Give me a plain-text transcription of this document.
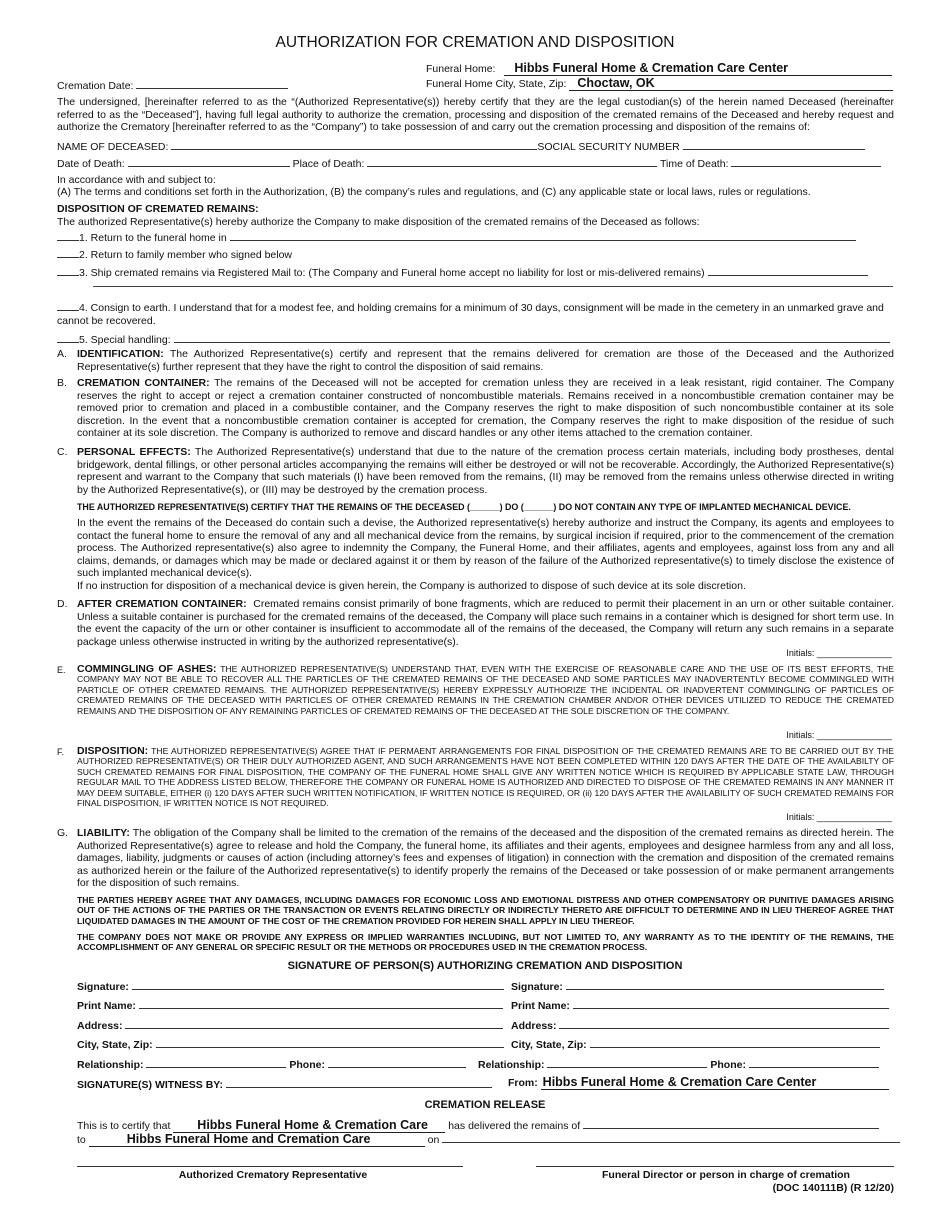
AUTHORIZATION FOR CREMATION AND DISPOSITION
Funeral Home: Hibbs Funeral Home & Cremation Care Center
Funeral Home City, State, Zip: Choctaw, OK
Cremation Date:
The undersigned, [hereinafter referred to as the “(Authorized Representative(s)) hereby certify that they are the legal custodian(s) of the herein named Deceased (hereinafter referred to as the “Deceased”], having full legal authority to authorize the cremation, processing and disposition of the cremated remains of the Deceased and hereby request and authorize the Crematory [hereinafter referred to as the “Company”) to take possession of and carry out the cremation processing and disposition of the remains of:
NAME OF DECEASED:	SOCIAL SECURITY NUMBER
Date of Death:	Place of Death:	Time of Death:
In accordance with and subject to:
(A) The terms and conditions set forth in the Authorization, (B) the company’s rules and regulations, and (C) any applicable state or local laws, rules or regulations.
DISPOSITION OF CREMATED REMAINS:
The authorized Representative(s) hereby authorize the Company to make disposition of the cremated remains of the Deceased as follows:
1. Return to the funeral home in
2. Return to family member who signed below
3. Ship cremated remains via Registered Mail to: (The Company and Funeral home accept no liability for lost or mis-delivered remains)
4. Consign to earth. I understand that for a modest fee, and holding cremains for a minimum of 30 days, consignment will be made in the cemetery in an unmarked grave and cannot be recovered.
5. Special handling:
A. IDENTIFICATION: The Authorized Representative(s) certify and represent that the remains delivered for cremation are those of the Deceased and the Authorized Representative(s) further represent that they have the right to control the disposition of said remains.
B. CREMATION CONTAINER: The remains of the Deceased will not be accepted for cremation unless they are received in a leak resistant, rigid container. The Company reserves the right to accept or reject a cremation container constructed of noncombustible materials. Remains received in a noncombustible cremation container may be removed prior to cremation and placed in a combustible container, and the Company reserves the right to make disposition of such noncombustible container at its sole discretion. In the event that a noncombustible cremation container is accepted for cremation, the Company reserves the right to make disposition of the residue of such container at its sole discretion. The Company is authorized to remove and discard handles or any other items attached to the cremation container.
C. PERSONAL EFFECTS: The Authorized Representative(s) understand that due to the nature of the cremation process certain materials, including body prostheses, dental bridgework, dental fillings, or other personal articles accompanying the remains will either be destroyed or will not be recoverable. Accordingly, the Authorized Representative(s) represent and warrant to the Company that such materials (I) have been removed from the remains, (II) may be removed from the remains unless otherwise directed in writing by the Authorized Representative(s), or (III) may be destroyed by the cremation process.
THE AUTHORIZED REPRESENTATIVE(S) CERTIFY THAT THE REMAINS OF THE DECEASED (______) DO (______) DO NOT CONTAIN ANY TYPE OF IMPLANTED MECHANICAL DEVICE.
In the event the remains of the Deceased do contain such a devise, the Authorized representative(s) hereby authorize and instruct the Company, its agents and employees to contact the funeral home to ensure the removal of any and all mechanical device from the remains, by surgical incision if required, prior to the commencement of the cremation process. The Authorized representative(s) also agree to indemnity the Company, the Funeral Home, and their affiliates, agents and employees, against loss from any and all claims, demands, or damages which may be made or declared against it or them by reason of the failure of the Authorized representative(s) to timely disclose the existence of such implanted mechanical device(s).
If no instruction for disposition of a mechanical device is given herein, the Company is authorized to dispose of such device at its sole discretion.
D. AFTER CREMATION CONTAINER: Cremated remains consist primarily of bone fragments, which are reduced to permit their placement in an urn or other suitable container. Unless a suitable container is purchased for the cremated remains of the deceased, the Company will place such remains in a container which is designed for short term use. In the event the capacity of the urn or other container is insufficient to accommodate all of the remains of the deceased, the Company will return any such remains in a separate package unless otherwise instructed in writing by the authorized representative(s).
Initials: _______________
E. COMMINGLING OF ASHES: THE AUTHORIZED REPRESENTATIVE(S) UNDERSTAND THAT, EVEN WITH THE EXERCISE OF REASONABLE CARE AND THE USE OF ITS BEST EFFORTS, THE COMPANY MAY NOT BE ABLE TO RECOVER ALL THE PARTICLES OF THE CREMATED REMAINS OF THE DECEASED AND SOME PARTICLES MAY INADVERTENTLY BECOME COMMINGLED WITH PARTICLE OF OTHER CREMATED REMAINS. THE AUTHORIZED REPRESENTATIVE(S) HEREBY EXPRESSLY AUTHORIZE THE INCIDENTAL OR INADVERTENT COMMINGLING OF PARTICLES OF CREMATED REMAINS OF THE DECEASED WITH PARTICLES OF OTHER CREMATED REMAINS IN THE CREMATION CHAMBER AND/OR OTHER DEVICES UTILIZED TO REDUCE THE CREMATED REMAINS AND THE DISPOSITION OF ANY REMAINING PARTICLES OF CREMATED REMAINS OF THE DECEASED AT THE SOLE DISCRETION OF THE COMPANY.
Initials: _______________
F. DISPOSITION: THE AUTHORIZED REPRESENTATIVE(S) AGREE THAT IF PERMAENT ARRANGEMENTS FOR FINAL DISPOSITION OF THE CREMATED REMAINS ARE TO BE CARRIED OUT BY THE AUTHORIZED REPRESENTATIVE(S) OR THEIR DULY AUTHORIZED AGENT, AND SUCH ARRANGEMENTS HAVE NOT BEEN COMPLETED WITHIN 120 DAYS AFTER THE DATE OF THE AVAILABILTY OF SUCH CREMATED REMAINS FOR FINAL DISPOSITION, THE COMPANY OF THE FUNERAL HOME SHALL GIVE ANY WRITTEN NOTICE WHICH IS REQUIRED BY APPLICABLE STATE LAW, THROUGH REGULAR MAIL TO THE ADDRESS LISTED BELOW, THEREFORE THE COMPANY OR FUNERAL HOME IS AUTHORIZED AND DIRECTED TO DISPOSE OF THE CREMATED REMAINS IN ANY MANNER IT MAY DEEM SUITABLE, EITHER (i) 120 DAYS AFTER SUCH WRITTEN NOTIFICATION, IF WRITTEN NOTICE IS REQUIRED, OR (ii) 120 DAYS AFTER THE AVAILABILITY OF SUCH CREMATED REMAINS FOR FINAL DISPOSITION, IF WRITTEN NOTICE IS NOT REQUIRED.
Initials: _______________
G. LIABILITY: The obligation of the Company shall be limited to the cremation of the remains of the deceased and the disposition of the cremated remains as directed herein. The Authorized Representative(s) agree to release and hold the Company, the funeral home, its affiliates and their agents, employees and designee harmless from any and all loss, damages, liability, judgments or causes of action (including attorney’s fees and expenses of litigation) in connection with the cremation and disposition of the cremated remains as authorized herein or the failure of the Authorized representative(s) to identify properly the remains of the Deceased or take possession of or make permanent arrangements for the disposition of such remains.
THE PARTIES HEREBY AGREE THAT ANY DAMAGES, INCLUDING DAMAGES FOR ECONOMIC LOSS AND EMOTIONAL DISTRESS AND OTHER COMPENSATORY OR PUNITIVE DAMAGES ARISING OUT OF THE ACTIONS OF THE PARTIES OR THE TRANSACTION OR EVENTS RELATING DIRECTLY OR INDIRECTLY THERETO ARE DIFFICULT TO DETERMINE AND IN LIEU THEREOF AGREE THAT LIQUIDATED DAMAGES IN THE AMOUNT OF THE COST OF THE CREMATION PROVIDED FOR HEREIN SHALL APPLY IN LIEU THEREOF.
THE COMPANY DOES NOT MAKE OR PROVIDE ANY EXPRESS OR IMPLIED WARRANTIES INCLUDING, BUT NOT LIMITED TO, ANY WARRANTY AS TO THE IDENTITY OF THE REMAINS, THE ACCOMPLISHMENT OF ANY GENERAL OR SPECIFIC RESULT OR THE METHODS OR PROCEDURES USED IN THE CREMATION PROCESS.
SIGNATURE OF PERSON(S) AUTHORIZING CREMATION AND DISPOSITION
Signature:	Signature:
Print Name:	Print Name:
Address:	Address:
City, State, Zip:	City, State, Zip:
Relationship:	Phone:	Relationship:	Phone:
SIGNATURE(S) WITNESS BY:	From: Hibbs Funeral Home & Cremation Care Center
CREMATION RELEASE
This is to certify that Hibbs Funeral Home & Cremation Care has delivered the remains of
to	Hibbs Funeral Home and Cremation Care	on
Authorized Crematory Representative	Funeral Director or person in charge of cremation
(DOC 140111B) (R 12/20)
